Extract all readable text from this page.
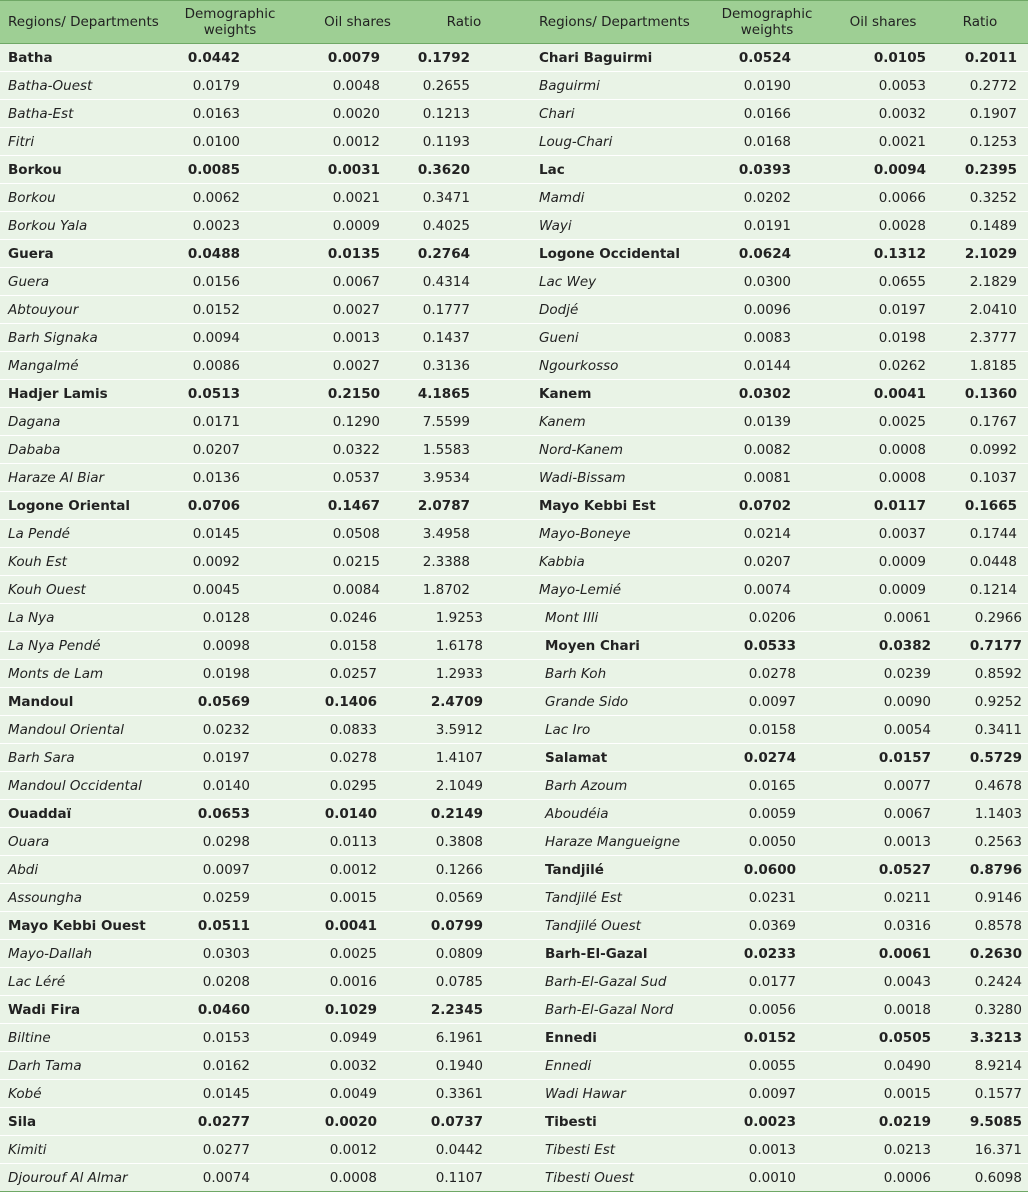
Regions/ Departments	Demographic weights	Oil shares	Ratio	Regions/ Departments	Demographic weights	Oil shares	Ratio
Batha	0.0442	0.0079	0.1792	Chari Baguirmi	0.0524	0.0105	0.2011
Batha-Ouest	0.0179	0.0048	0.2655	Baguirmi	0.0190	0.0053	0.2772
Batha-Est	0.0163	0.0020	0.1213	Chari	0.0166	0.0032	0.1907
Fitri	0.0100	0.0012	0.1193	Loug-Chari	0.0168	0.0021	0.1253
Borkou	0.0085	0.0031	0.3620	Lac	0.0393	0.0094	0.2395
Borkou	0.0062	0.0021	0.3471	Mamdi	0.0202	0.0066	0.3252
Borkou Yala	0.0023	0.0009	0.4025	Wayi	0.0191	0.0028	0.1489
Guera	0.0488	0.0135	0.2764	Logone Occidental	0.0624	0.1312	2.1029
Guera	0.0156	0.0067	0.4314	Lac Wey	0.0300	0.0655	2.1829
Abtouyour	0.0152	0.0027	0.1777	Dodjé	0.0096	0.0197	2.0410
Barh Signaka	0.0094	0.0013	0.1437	Gueni	0.0083	0.0198	2.3777
Mangalmé	0.0086	0.0027	0.3136	Ngourkosso	0.0144	0.0262	1.8185
Hadjer Lamis	0.0513	0.2150	4.1865	Kanem	0.0302	0.0041	0.1360
Dagana	0.0171	0.1290	7.5599	Kanem	0.0139	0.0025	0.1767
Dababa	0.0207	0.0322	1.5583	Nord-Kanem	0.0082	0.0008	0.0992
Haraze Al Biar	0.0136	0.0537	3.9534	Wadi-Bissam	0.0081	0.0008	0.1037
Logone Oriental	0.0706	0.1467	2.0787	Mayo Kebbi Est	0.0702	0.0117	0.1665
La Pendé	0.0145	0.0508	3.4958	Mayo-Boneye	0.0214	0.0037	0.1744
Kouh Est	0.0092	0.0215	2.3388	Kabbia	0.0207	0.0009	0.0448
Kouh Ouest	0.0045	0.0084	1.8702	Mayo-Lemié	0.0074	0.0009	0.1214
La Nya	0.0128	0.0246	1.9253	Mont Illi	0.0206	0.0061	0.2966
La Nya Pendé	0.0098	0.0158	1.6178	Moyen Chari	0.0533	0.0382	0.7177
Monts de Lam	0.0198	0.0257	1.2933	Barh Koh	0.0278	0.0239	0.8592
Mandoul	0.0569	0.1406	2.4709	Grande Sido	0.0097	0.0090	0.9252
Mandoul Oriental	0.0232	0.0833	3.5912	Lac Iro	0.0158	0.0054	0.3411
Barh Sara	0.0197	0.0278	1.4107	Salamat	0.0274	0.0157	0.5729
Mandoul Occidental	0.0140	0.0295	2.1049	Barh Azoum	0.0165	0.0077	0.4678
Ouaddaï	0.0653	0.0140	0.2149	Aboudéia	0.0059	0.0067	1.1403
Ouara	0.0298	0.0113	0.3808	Haraze Mangueigne	0.0050	0.0013	0.2563
Abdi	0.0097	0.0012	0.1266	Tandjilé	0.0600	0.0527	0.8796
Assoungha	0.0259	0.0015	0.0569	Tandjilé Est	0.0231	0.0211	0.9146
Mayo Kebbi Ouest	0.0511	0.0041	0.0799	Tandjilé Ouest	0.0369	0.0316	0.8578
Mayo-Dallah	0.0303	0.0025	0.0809	Barh-El-Gazal	0.0233	0.0061	0.2630
Lac Léré	0.0208	0.0016	0.0785	Barh-El-Gazal Sud	0.0177	0.0043	0.2424
Wadi Fira	0.0460	0.1029	2.2345	Barh-El-Gazal Nord	0.0056	0.0018	0.3280
Biltine	0.0153	0.0949	6.1961	Ennedi	0.0152	0.0505	3.3213
Darh Tama	0.0162	0.0032	0.1940	Ennedi	0.0055	0.0490	8.9214
Kobé	0.0145	0.0049	0.3361	Wadi Hawar	0.0097	0.0015	0.1577
Sila	0.0277	0.0020	0.0737	Tibesti	0.0023	0.0219	9.5085
Kimiti	0.0277	0.0012	0.0442	Tibesti Est	0.0013	0.0213	16.371
Djourouf Al Almar	0.0074	0.0008	0.1107	Tibesti Ouest	0.0010	0.0006	0.6098
